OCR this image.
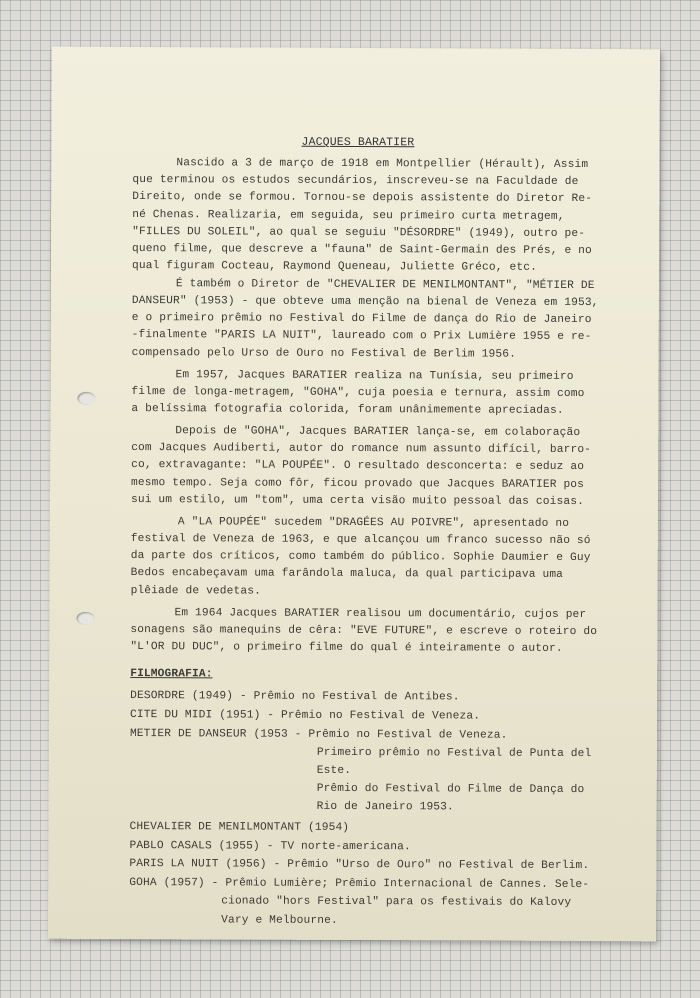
JACQUES BARATIER
Nascido a 3 de março de 1918 em Montpellier (Hérault), Assim
que terminou os estudos secundários, inscreveu-se na Faculdade de
Direito, onde se formou. Tornou-se depois assistente do Diretor Re-
né Chenas. Realizaria, em seguida, seu primeiro curta metragem,
"FILLES DU SOLEIL", ao qual se seguiu "DÉSORDRE" (1949), outro pe-
queno filme, que descreve a "fauna" de Saint-Germain des Prés, e no
qual figuram Cocteau, Raymond Queneau, Juliette Gréco, etc.
É também o Diretor de "CHEVALIER DE MENILMONTANT", "MÉTIER DE
DANSEUR" (1953) - que obteve uma menção na bienal de Veneza em 1953,
e o primeiro prêmio no Festival do Filme de dança do Rio de Janeiro
-finalmente "PARIS LA NUIT", laureado com o Prix Lumière 1955 e re-
compensado pelo Urso de Ouro no Festival de Berlim 1956.
Em 1957, Jacques BARATIER realiza na Tunísia, seu primeiro
filme de longa-metragem, "GOHA", cuja poesia e ternura, assim como
a belíssima fotografia colorida, foram unânimemente apreciadas.
Depois de "GOHA", Jacques BARATIER lança-se, em colaboração
com Jacques Audiberti, autor do romance num assunto difícil, barro-
co, extravagante: "LA POUPÉE". O resultado desconcerta: e seduz ao
mesmo tempo. Seja como fôr, ficou provado que Jacques BARATIER pos
sui um estilo, um "tom", uma certa visão muito pessoal das coisas.
A "LA POUPÉE" sucedem "DRAGÉES AU POIVRE", apresentado no
festival de Veneza de 1963, e que alcançou um franco sucesso não só
da parte dos críticos, como também do público. Sophie Daumier e Guy
Bedos encabeçavam uma farândola maluca, da qual participava uma
plêiade de vedetas.
Em 1964 Jacques BARATIER realisou um documentário, cujos per
sonagens são manequins de cêra: "EVE FUTURE", e escreve o roteiro do
"L'OR DU DUC", o primeiro filme do qual é inteiramente o autor.
FILMOGRAFIA:
DESORDRE (1949) - Prêmio no Festival de Antibes.
CITE DU MIDI (1951) - Prêmio no Festival de Veneza.
METIER DE DANSEUR (1953 - Prêmio no Festival de Veneza.
Primeiro prêmio no Festival de Punta del
Este.
Prêmio do Festival do Filme de Dança do
Rio de Janeiro 1953.
CHEVALIER DE MENILMONTANT (1954)
PABLO CASALS (1955) - TV norte-americana.
PARIS LA NUIT (1956) - Prêmio "Urso de Ouro" no Festival de Berlim.
GOHA (1957) - Prêmio Lumière; Prêmio Internacional de Cannes. Sele-
cionado "hors Festival" para os festivais do Kalovy
Vary e Melbourne.
